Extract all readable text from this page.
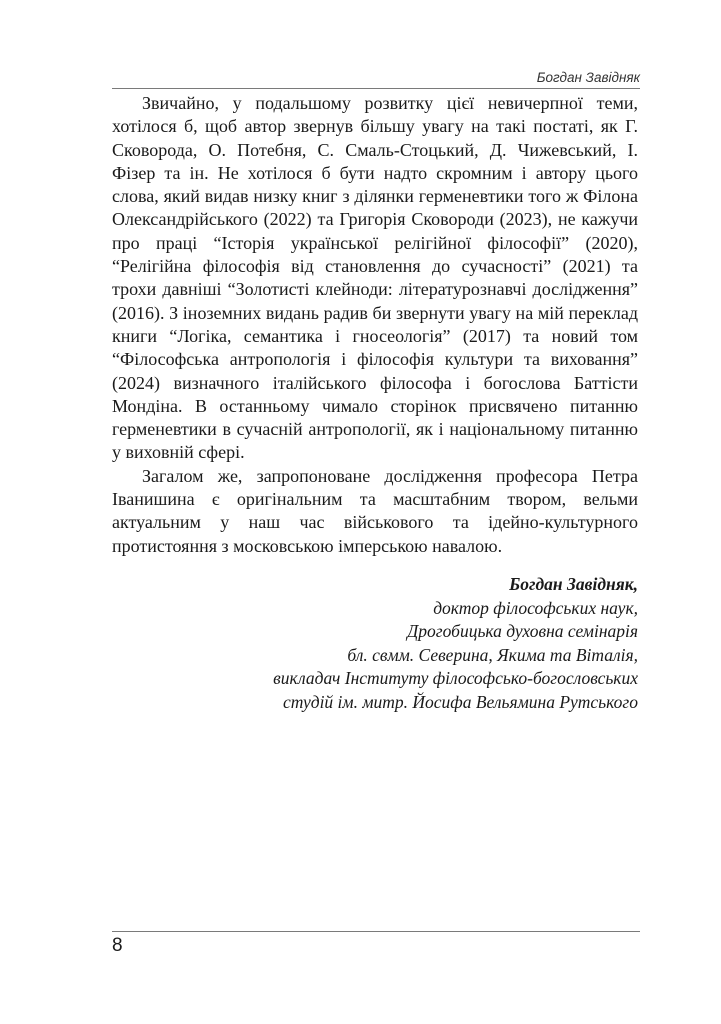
Богдан Завідняк

Звичайно, у подальшому розвитку цієї невичерпної теми, хотілося б, щоб автор звернув більшу увагу на такі постаті, як Г. Сковорода, О. Потебня, С. Смаль-Стоцький, Д. Чижевський, І. Фізер та ін. Не хотілося б бути надто скромним і автору цього слова, який видав низку книг з ділянки герменевтики того ж Філона Олександрійського (2022) та Григорія Сковороди (2023), не кажучи про праці “Історія української релігійної філософії” (2020), “Релігійна філософія від становлення до сучасності” (2021) та трохи давніші “Золотисті клейноди: літературознавчі дослідження” (2016). З іноземних видань радив би звернути увагу на мій переклад книги “Логіка, семантика і гносеологія” (2017) та новий том “Філософська антропологія і філософія культури та виховання” (2024) визначного італійського філософа і богослова Баттісти Мондіна. В останньому чимало сторінок присвячено питанню герменевтики в сучасній антропології, як і національному питанню у виховній сфері.

Загалом же, запропоноване дослідження професора Петра Іванишина є оригінальним та масштабним твором, вельми актуальним у наш час військового та ідейно-культурного протистояння з московською імперською навалою.

Богдан Завідняк,
доктор філософських наук,
Дрогобицька духовна семінарія
бл. свмм. Северина, Якима та Віталія,
викладач Інституту філософсько-богословських
студій ім. митр. Йосифа Вельямина Рутського
8
